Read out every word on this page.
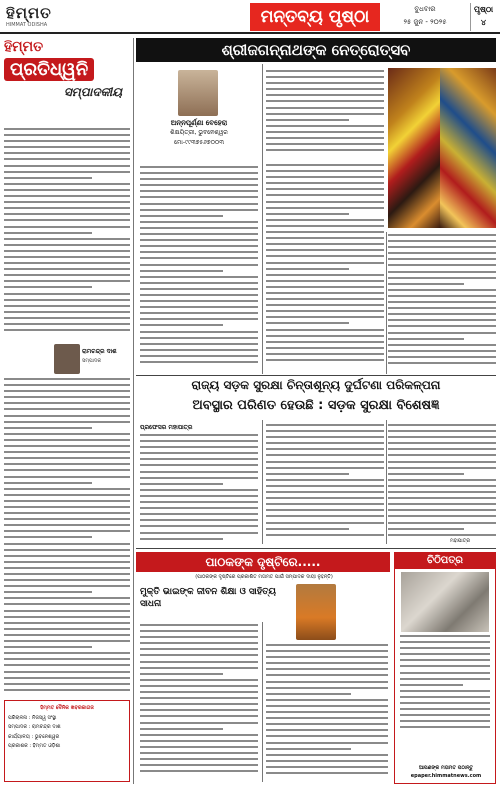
ହିମ୍ମତ
HIMMAT ODISHA	ମନ୍ତବ୍ୟ ପୃଷ୍ଠା	ବୁଧବାର
୨୫ ଜୁନ - ୨୦୨୫
ପୃଷ୍ଠା
୪
ହିମ୍ମତ
ପ୍ରତିଧ୍ୱନି
ସମ୍ପାଦକୀୟ
ରାମଚନ୍ଦ୍ର ଦାଶ
ସମ୍ପାଦକ
ହିମ୍ମତ ଦୈନିକ ଖବରକାଗଜ
ପରିଚାଳନା : ନିଜସ୍ୱ ସଂସ୍ଥା
ସମ୍ପାଦକ : ରାମଚନ୍ଦ୍ର ଦାଶ
କାର୍ଯ୍ୟାଳୟ : ଭୁବନେଶ୍ୱର
ପ୍ରକାଶକ : ହିମ୍ମତ ଓଡ଼ିଶା
ଶ୍ରୀଜଗନ୍ନାଥଙ୍କ ନେତ୍ରୋତ୍ସବ
ଅନ୍ନପୂର୍ଣ୍ଣା ବେହେରା
ଶିକ୍ଷୟିତ୍ରୀ, ଭୁବନେଶ୍ୱର
ମୋ-୯୯୩୭୫୬୭୦୦୩
ରାଜ୍ୟ ସଡ଼କ ସୁରକ୍ଷା ଚିନ୍ତାଶୂନ୍ୟ ଦୁର୍ଘଟଣା ପରିକଳ୍ପନା
ଅବସ୍ଥାର ପରିଣତ ହେଉଛି : ସଡ଼କ ସୁରକ୍ଷା ବିଶେଷଜ୍ଞ
ପ୍ରଫେସର ମହାପାତ୍ର
ମହାପାତ୍ର
ପାଠକଙ୍କ ଦୃଷ୍ଟିରେ.....
(ପାଠକଙ୍କ ଦୃଷ୍ଟିରେ ପ୍ରକାଶିତ ମତାମତ ପାଇଁ ସମ୍ପାଦକ ଦାୟୀ ନୁହନ୍ତି)
ମୁକ୍ତି ଭାଇଙ୍କ ଜୀବନ ଶିକ୍ଷା ଓ ସାହିତ୍ୟ ସାଧନା
ଚିଠିପତ୍ର
ଆପଣଙ୍କ ମତାମତ ପଠାନ୍ତୁ
epaper.himmatnews.com
